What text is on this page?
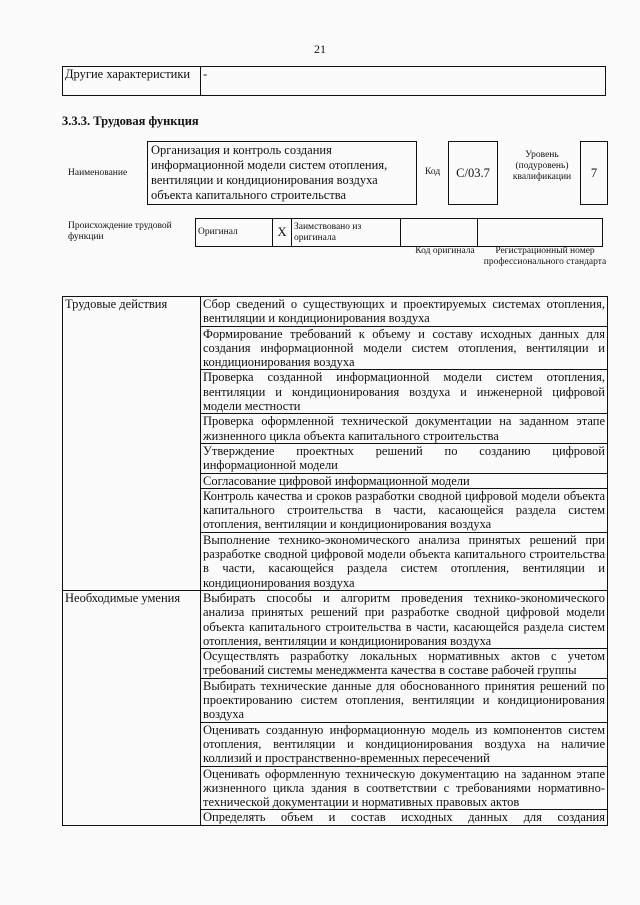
21
Другие характеристики	-
3.3.3. Трудовая функция
Наименование
Организация и контроль создания информационной модели систем отопления, вентиляции и кондиционирования воздуха объекта капитального строительства
Код	C/03.7
Уровень (подуровень) квалификации	7
Происхождение трудовой функции	Оригинал	X	Заимствовано из оригинала		
Код оригинала	Регистрационный номер профессионального стандарта
Трудовые действия	Сбор сведений о существующих и проектируемых системах отопления, вентиляции и кондиционирования воздуха
	Формирование требований к объему и составу исходных данных для создания информационной модели систем отопления, вентиляции и кондиционирования воздуха
	Проверка созданной информационной модели систем отопления, вентиляции и кондиционирования воздуха и инженерной цифровой модели местности
	Проверка оформленной технической документации на заданном этапе жизненного цикла объекта капитального строительства
	Утверждение проектных решений по созданию цифровой информационной модели
	Согласование цифровой информационной модели
	Контроль качества и сроков разработки сводной цифровой модели объекта капитального строительства в части, касающейся раздела систем отопления, вентиляции и кондиционирования воздуха
	Выполнение технико-экономического анализа принятых решений при разработке сводной цифровой модели объекта капитального строительства в части, касающейся раздела систем отопления, вентиляции и кондиционирования воздуха
Необходимые умения	Выбирать способы и алгоритм проведения технико-экономического анализа принятых решений при разработке сводной цифровой модели объекта капитального строительства в части, касающейся раздела систем отопления, вентиляции и кондиционирования воздуха
	Осуществлять разработку локальных нормативных актов с учетом требований системы менеджмента качества в составе рабочей группы
	Выбирать технические данные для обоснованного принятия решений по проектированию систем отопления, вентиляции и кондиционирования воздуха
	Оценивать созданную информационную модель из компонентов систем отопления, вентиляции и кондиционирования воздуха на наличие коллизий и пространственно-временных пересечений
	Оценивать оформленную техническую документацию на заданном этапе жизненного цикла здания в соответствии с требованиями нормативно-технической документации и нормативных правовых актов
	Определять объем и состав исходных данных для создания
